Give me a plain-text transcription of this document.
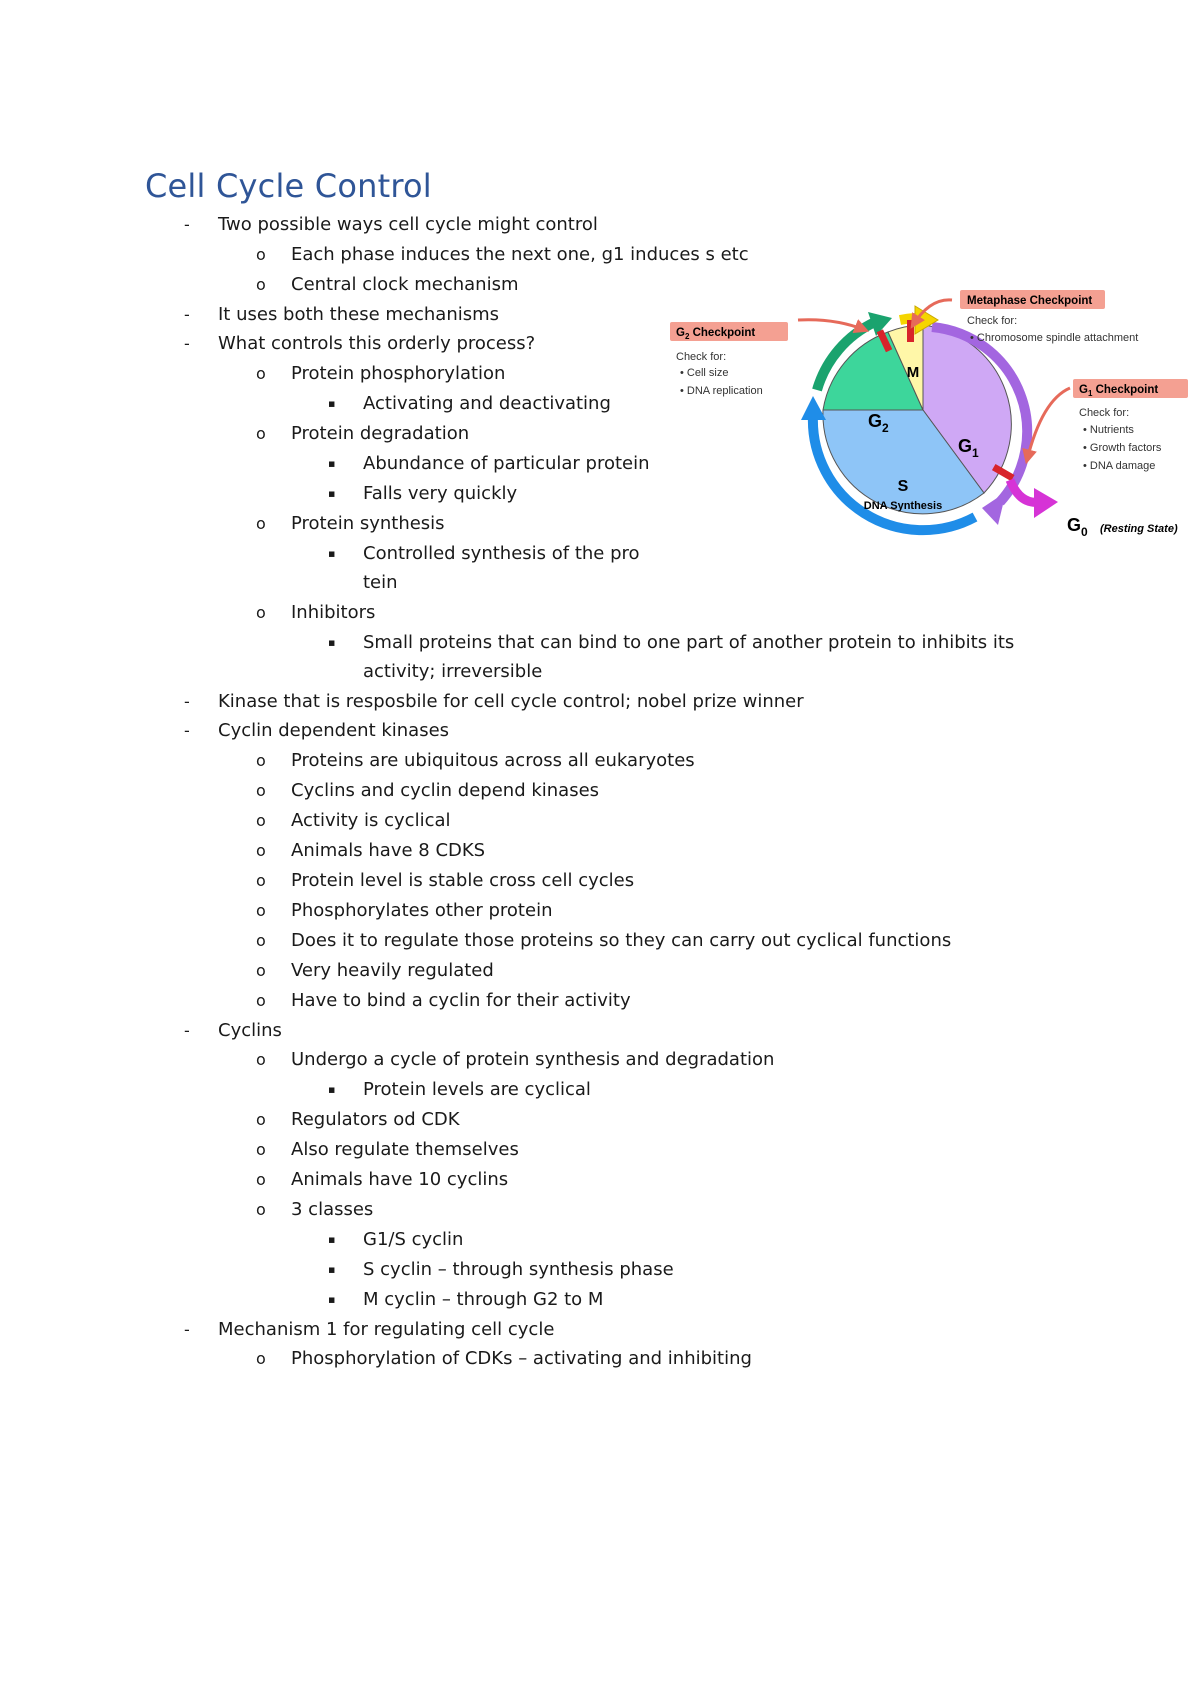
Cell Cycle Control
- Two possible ways cell cycle might control
o Each phase induces the next one, g1 induces s etc
o Central clock mechanism
- It uses both these mechanisms
- What controls this orderly process?
o Protein phosphorylation
▪ Activating and deactivating
o Protein degradation
▪ Abundance of particular protein
▪ Falls very quickly
o Protein synthesis
▪ Controlled synthesis of the pro
tein
o Inhibitors
▪ Small proteins that can bind to one part of another protein to inhibits its
activity; irreversible
- Kinase that is resposbile for cell cycle control; nobel prize winner
- Cyclin dependent kinases
o Proteins are ubiquitous across all eukaryotes
o Cyclins and cyclin depend kinases
o Activity is cyclical
o Animals have 8 CDKS
o Protein level is stable cross cell cycles
o Phosphorylates other protein
o Does it to regulate those proteins so they can carry out cyclical functions
o Very heavily regulated
o Have to bind a cyclin for their activity
- Cyclins
o Undergo a cycle of protein synthesis and degradation
▪ Protein levels are cyclical
o Regulators od CDK
o Also regulate themselves
o Animals have 10 cyclins
o 3 classes
▪ G1/S cyclin
▪ S cyclin – through synthesis phase
▪ M cyclin – through G2 to M
- Mechanism 1 for regulating cell cycle
o Phosphorylation of CDKs – activating and inhibiting
M
$G_2$
$G_1$
S
DNA Synthesis
$G_0$ (Resting State)
Metaphase Checkpoint
Check for:
• Chromosome spindle attachment
$G_2$ Checkpoint
Check for:
• Cell size
• DNA replication	$G_1$ Checkpoint
Check for:
• Nutrients
• Growth factors
• DNA damage
